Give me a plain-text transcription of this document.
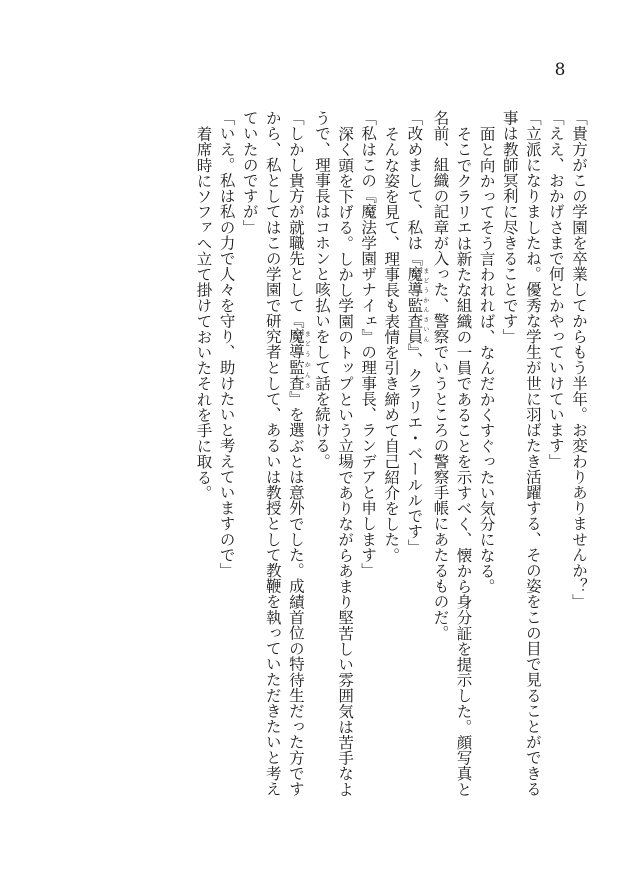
8

「貴方がこの学園を卒業してからもう半年。お変わりありませんか？」

「ええ、おかげさまで何とかやっていけています」

「立派になりましたね。優秀な学生が世に羽ばたき活躍する、その姿をこの目で見ることができる事は教師冥利に尽きることです」

面と向かってそう言われれば、なんだかくすぐったい気分になる。

そこでクラリエは新たな組織の一員であることを示すべく、懐から身分証を提示した。顔写真と名前、組織の記章が入った、警察でいうところの警察手帳にあたるものだ。

「改めまして、私は『魔導監査員まどうかんさいん』、クラリエ・ベールルです」

そんな姿を見て、理事長も表情を引き締めて自己紹介をした。

「私はこの『魔法学園ザナイェ』の理事長、ランデアと申します」

深く頭を下げる。しかし学園のトップという立場でありながらあまり堅苦しい雰囲気は苦手なようで、理事長はコホンと咳払いをして話を続ける。

「しかし貴方が就職先として『魔導監査まどうかんさ』を選ぶとは意外でした。成績首位の特待生だった方ですから、私としてはこの学園で研究者として、あるいは教授として教鞭を執っていただきたいと考えていたのですが」

「いえ。私は私の力で人々を守り、助けたいと考えていますので」

着席時にソファへ立て掛けておいたそれを手に取る。
